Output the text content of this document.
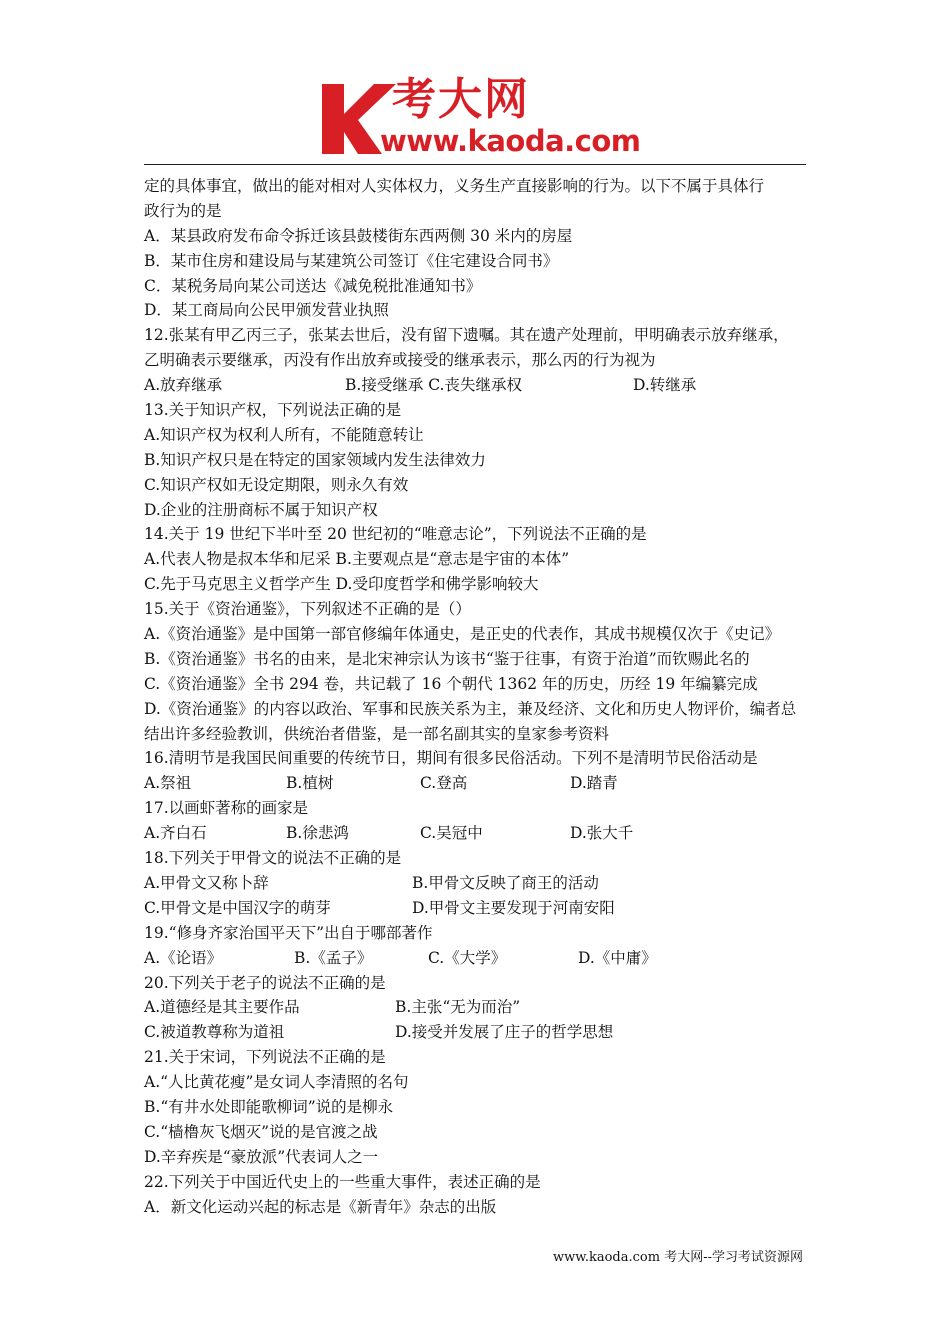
考大网
www.kaoda.com
定的具体事宜，做出的能对相对人实体权力，义务生产直接影响的行为。以下不属于具体行
政行为的是
A．某县政府发布命令拆迁该县鼓楼街东西两侧 30 米内的房屋
B．某市住房和建设局与某建筑公司签订《住宅建设合同书》
C．某税务局向某公司送达《减免税批准通知书》
D．某工商局向公民甲颁发营业执照
12.张某有甲乙丙三子，张某去世后，没有留下遗嘱。其在遗产处理前，甲明确表示放弃继承，
乙明确表示要继承，丙没有作出放弃或接受的继承表示，那么丙的行为视为
A.放弃继承	B.接受继承 C.丧失继承权	D.转继承
13.关于知识产权，下列说法正确的是
A.知识产权为权利人所有，不能随意转让
B.知识产权只是在特定的国家领域内发生法律效力
C.知识产权如无设定期限，则永久有效
D.企业的注册商标不属于知识产权
14.关于 19 世纪下半叶至 20 世纪初的“唯意志论”，下列说法不正确的是
A.代表人物是叔本华和尼采 B.主要观点是“意志是宇宙的本体”
C.先于马克思主义哲学产生 D.受印度哲学和佛学影响较大
15.关于《资治通鉴》，下列叙述不正确的是（）
A.《资治通鉴》是中国第一部官修编年体通史，是正史的代表作，其成书规模仅次于《史记》
B.《资治通鉴》书名的由来，是北宋神宗认为该书“鉴于往事，有资于治道”而钦赐此名的
C.《资治通鉴》全书 294 卷，共记载了 16 个朝代 1362 年的历史，历经 19 年编纂完成
D.《资治通鉴》的内容以政治、军事和民族关系为主，兼及经济、文化和历史人物评价，编者总
结出许多经验教训，供统治者借鉴，是一部名副其实的皇家参考资料
16.清明节是我国民间重要的传统节日，期间有很多民俗活动。下列不是清明节民俗活动是
A.祭祖	B.植树	C.登高	D.踏青
17.以画虾著称的画家是
A.齐白石	B.徐悲鸿	C.吴冠中	D.张大千
18.下列关于甲骨文的说法不正确的是
A.甲骨文又称卜辞	B.甲骨文反映了商王的活动
C.甲骨文是中国汉字的萌芽	D.甲骨文主要发现于河南安阳
19.“修身齐家治国平天下”出自于哪部著作
A.《论语》	B.《孟子》	C.《大学》	D.《中庸》
20.下列关于老子的说法不正确的是
A.道德经是其主要作品	B.主张“无为而治”
C.被道教尊称为道祖	D.接受并发展了庄子的哲学思想
21.关于宋词，下列说法不正确的是
A.“人比黄花瘦”是女词人李清照的名句
B.“有井水处即能歌柳词”说的是柳永
C.“樯橹灰飞烟灭”说的是官渡之战
D.辛弃疾是“豪放派”代表词人之一
22.下列关于中国近代史上的一些重大事件，表述正确的是
A．新文化运动兴起的标志是《新青年》杂志的出版
www.kaoda.com 考大网--学习考试资源网
